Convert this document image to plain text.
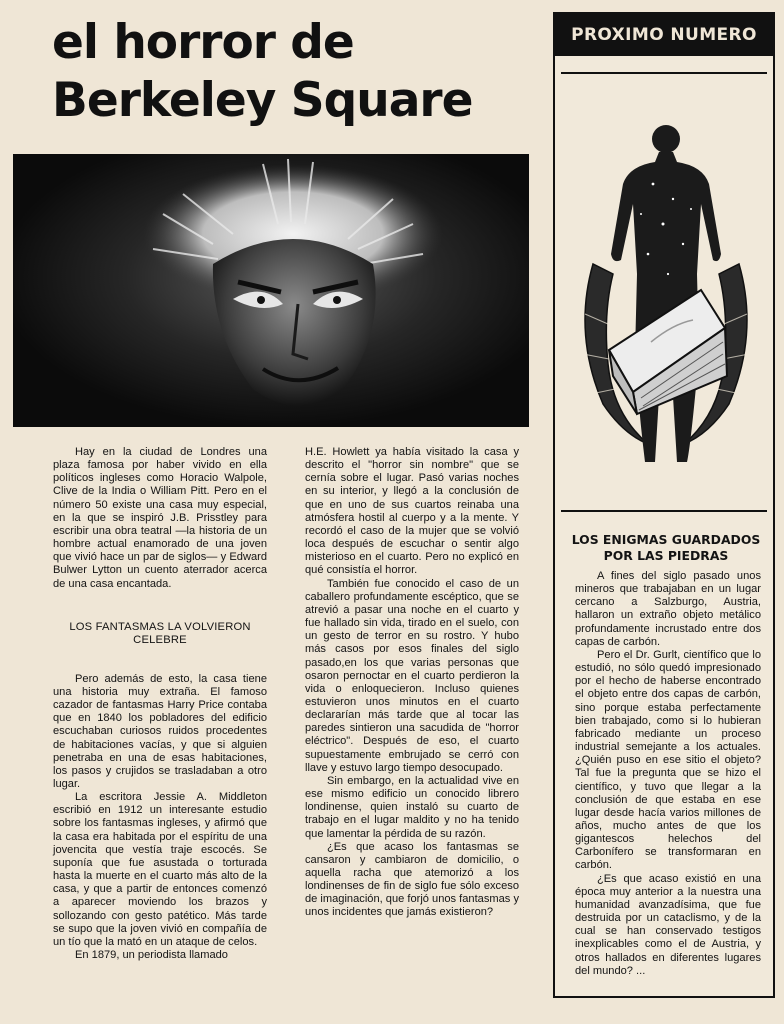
el horror de
Berkeley Square

Hay en la ciudad de Londres una plaza famosa por haber vivido en ella políticos ingleses como Horacio Walpole, Clive de la India o William Pitt. Pero en el número 50 existe una casa muy especial, en la que se inspiró J.B. Prisstley para escribir una obra teatral —la historia de un hombre actual enamorado de una joven que vivió hace un par de siglos— y Edward Bulwer Lytton un cuento aterrador acerca de una casa encantada.

LOS FANTASMAS LA VOLVIERON CELEBRE

Pero además de esto, la casa tiene una historia muy extraña. El famoso cazador de fantasmas Harry Price contaba que en 1840 los pobladores del edificio escuchaban curiosos ruidos procedentes de habitaciones vacías, y que si alguien penetraba en una de esas habitaciones, los pasos y crujidos se trasladaban a otro lugar.

La escritora Jessie A. Middleton escribió en 1912 un interesante estudio sobre los fantasmas ingleses, y afirmó que la casa era habitada por el espíritu de una jovencita que vestía traje escocés. Se suponía que fue asustada o torturada hasta la muerte en el cuarto más alto de la casa, y que a partir de entonces comenzó a aparecer moviendo los brazos y sollozando con gesto patético. Más tarde se supo que la joven vivió en compañía de un tío que la mató en un ataque de celos.

En 1879, un periodista llamado

H.E. Howlett ya había visitado la casa y descrito el "horror sin nombre" que se cernía sobre el lugar. Pasó varias noches en su interior, y llegó a la conclusión de que en uno de sus cuartos reinaba una atmósfera hostil al cuerpo y a la mente. Y recordó el caso de la mujer que se volvió loca después de escuchar o sentir algo misterioso en el cuarto. Pero no explicó en qué consistía el horror.

También fue conocido el caso de un caballero profundamente escéptico, que se atrevió a pasar una noche en el cuarto y fue hallado sin vida, tirado en el suelo, con un gesto de terror en su rostro. Y hubo más casos por esos finales del siglo pasado,en los que varias personas que osaron pernoctar en el cuarto perdieron la vida o enloquecieron. Incluso quienes estuvieron unos minutos en el cuarto declararían más tarde que al tocar las paredes sintieron una sacudida de "horror eléctrico". Después de eso, el cuarto supuestamente embrujado se cerró con llave y estuvo largo tiempo desocupado.

Sin embargo, en la actualidad vive en ese mismo edificio un conocido librero londinense, quien instaló su cuarto de trabajo en el lugar maldito y no ha tenido que lamentar la pérdida de su razón.

¿Es que acaso los fantasmas se cansaron y cambiaron de domicilio, o aquella racha que atemorizó a los londinenses de fin de siglo fue sólo exceso de imaginación, que forjó unos fantasmas y unos incidentes que jamás existieron?

PROXIMO NUMERO
LOS ENIGMAS GUARDADOS POR LAS PIEDRAS

A fines del siglo pasado unos mineros que trabajaban en un lugar cercano a Salzburgo, Austria, hallaron un extraño objeto metálico profundamente incrustado entre dos capas de carbón.

Pero el Dr. Gurlt, científico que lo estudió, no sólo quedó impresionado por el hecho de haberse encontrado el objeto entre dos capas de carbón, sino porque estaba perfectamente bien trabajado, como si lo hubieran fabricado mediante un proceso industrial semejante a los actuales. ¿Quién puso en ese sitio el objeto? Tal fue la pregunta que se hizo el científico, y tuvo que llegar a la conclusión de que estaba en ese lugar desde hacía varios millones de años, mucho antes de que los gigantescos helechos del Carbonífero se transformaran en carbón.

¿Es que acaso existió en una época muy anterior a la nuestra una humanidad avanzadísima, que fue destruida por un cataclismo, y de la cual se han conservado testigos inexplicables como el de Austria, y otros hallados en diferentes lugares del mundo? ...
